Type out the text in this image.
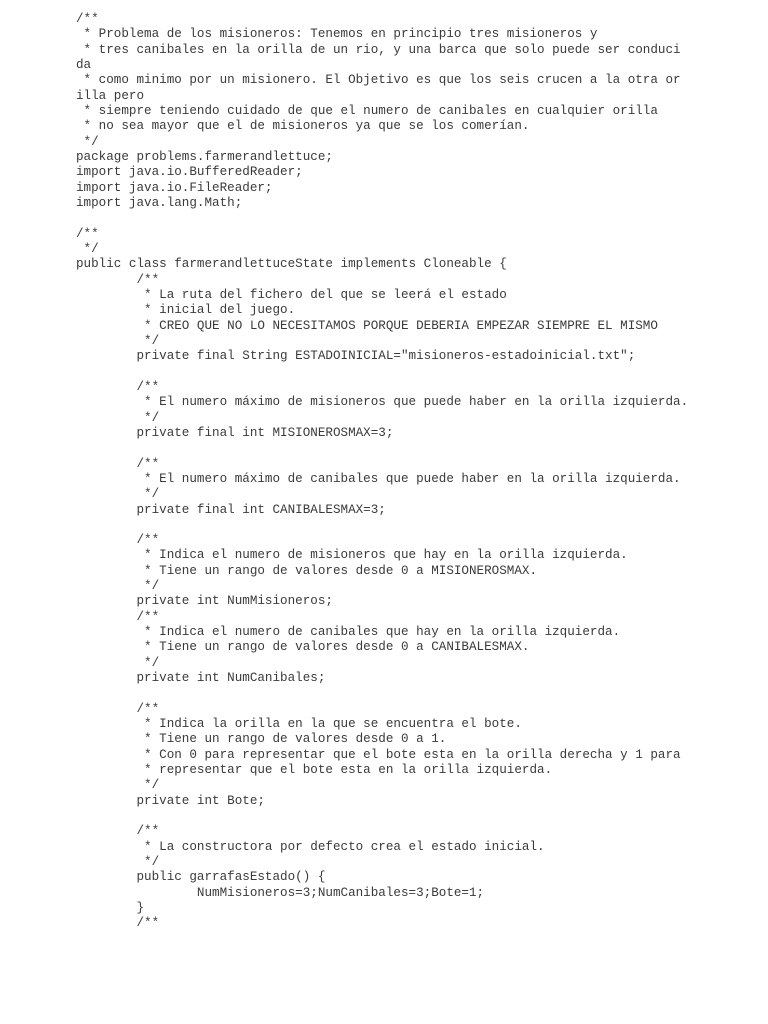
/**
* Problema de los misioneros: Tenemos en principio tres misioneros y
* tres canibales en la orilla de un rio, y una barca que solo puede ser conduci
da
* como minimo por un misionero. El Objetivo es que los seis crucen a la otra or
illa pero
* siempre teniendo cuidado de que el numero de canibales en cualquier orilla
* no sea mayor que el de misioneros ya que se los comerían.
*/
package problems.farmerandlettuce;
import java.io.BufferedReader;
import java.io.FileReader;
import java.lang.Math;
/**
*/
public class farmerandlettuceState implements Cloneable {
/**
* La ruta del fichero del que se leerá el estado
* inicial del juego.
* CREO QUE NO LO NECESITAMOS PORQUE DEBERIA EMPEZAR SIEMPRE EL MISMO
*/
private final String ESTADOINICIAL="misioneros-estadoinicial.txt";
/**
* El numero máximo de misioneros que puede haber en la orilla izquierda.
*/
private final int MISIONEROSMAX=3;
/**
* El numero máximo de canibales que puede haber en la orilla izquierda.
*/
private final int CANIBALESMAX=3;
/**
* Indica el numero de misioneros que hay en la orilla izquierda.
* Tiene un rango de valores desde 0 a MISIONEROSMAX.
*/
private int NumMisioneros;
/**
* Indica el numero de canibales que hay en la orilla izquierda.
* Tiene un rango de valores desde 0 a CANIBALESMAX.
*/
private int NumCanibales;
/**
* Indica la orilla en la que se encuentra el bote.
* Tiene un rango de valores desde 0 a 1.
* Con 0 para representar que el bote esta en la orilla derecha y 1 para
* representar que el bote esta en la orilla izquierda.
*/
private int Bote;
/**
* La constructora por defecto crea el estado inicial.
*/
public garrafasEstado() {
NumMisioneros=3;NumCanibales=3;Bote=1;
}
/**
